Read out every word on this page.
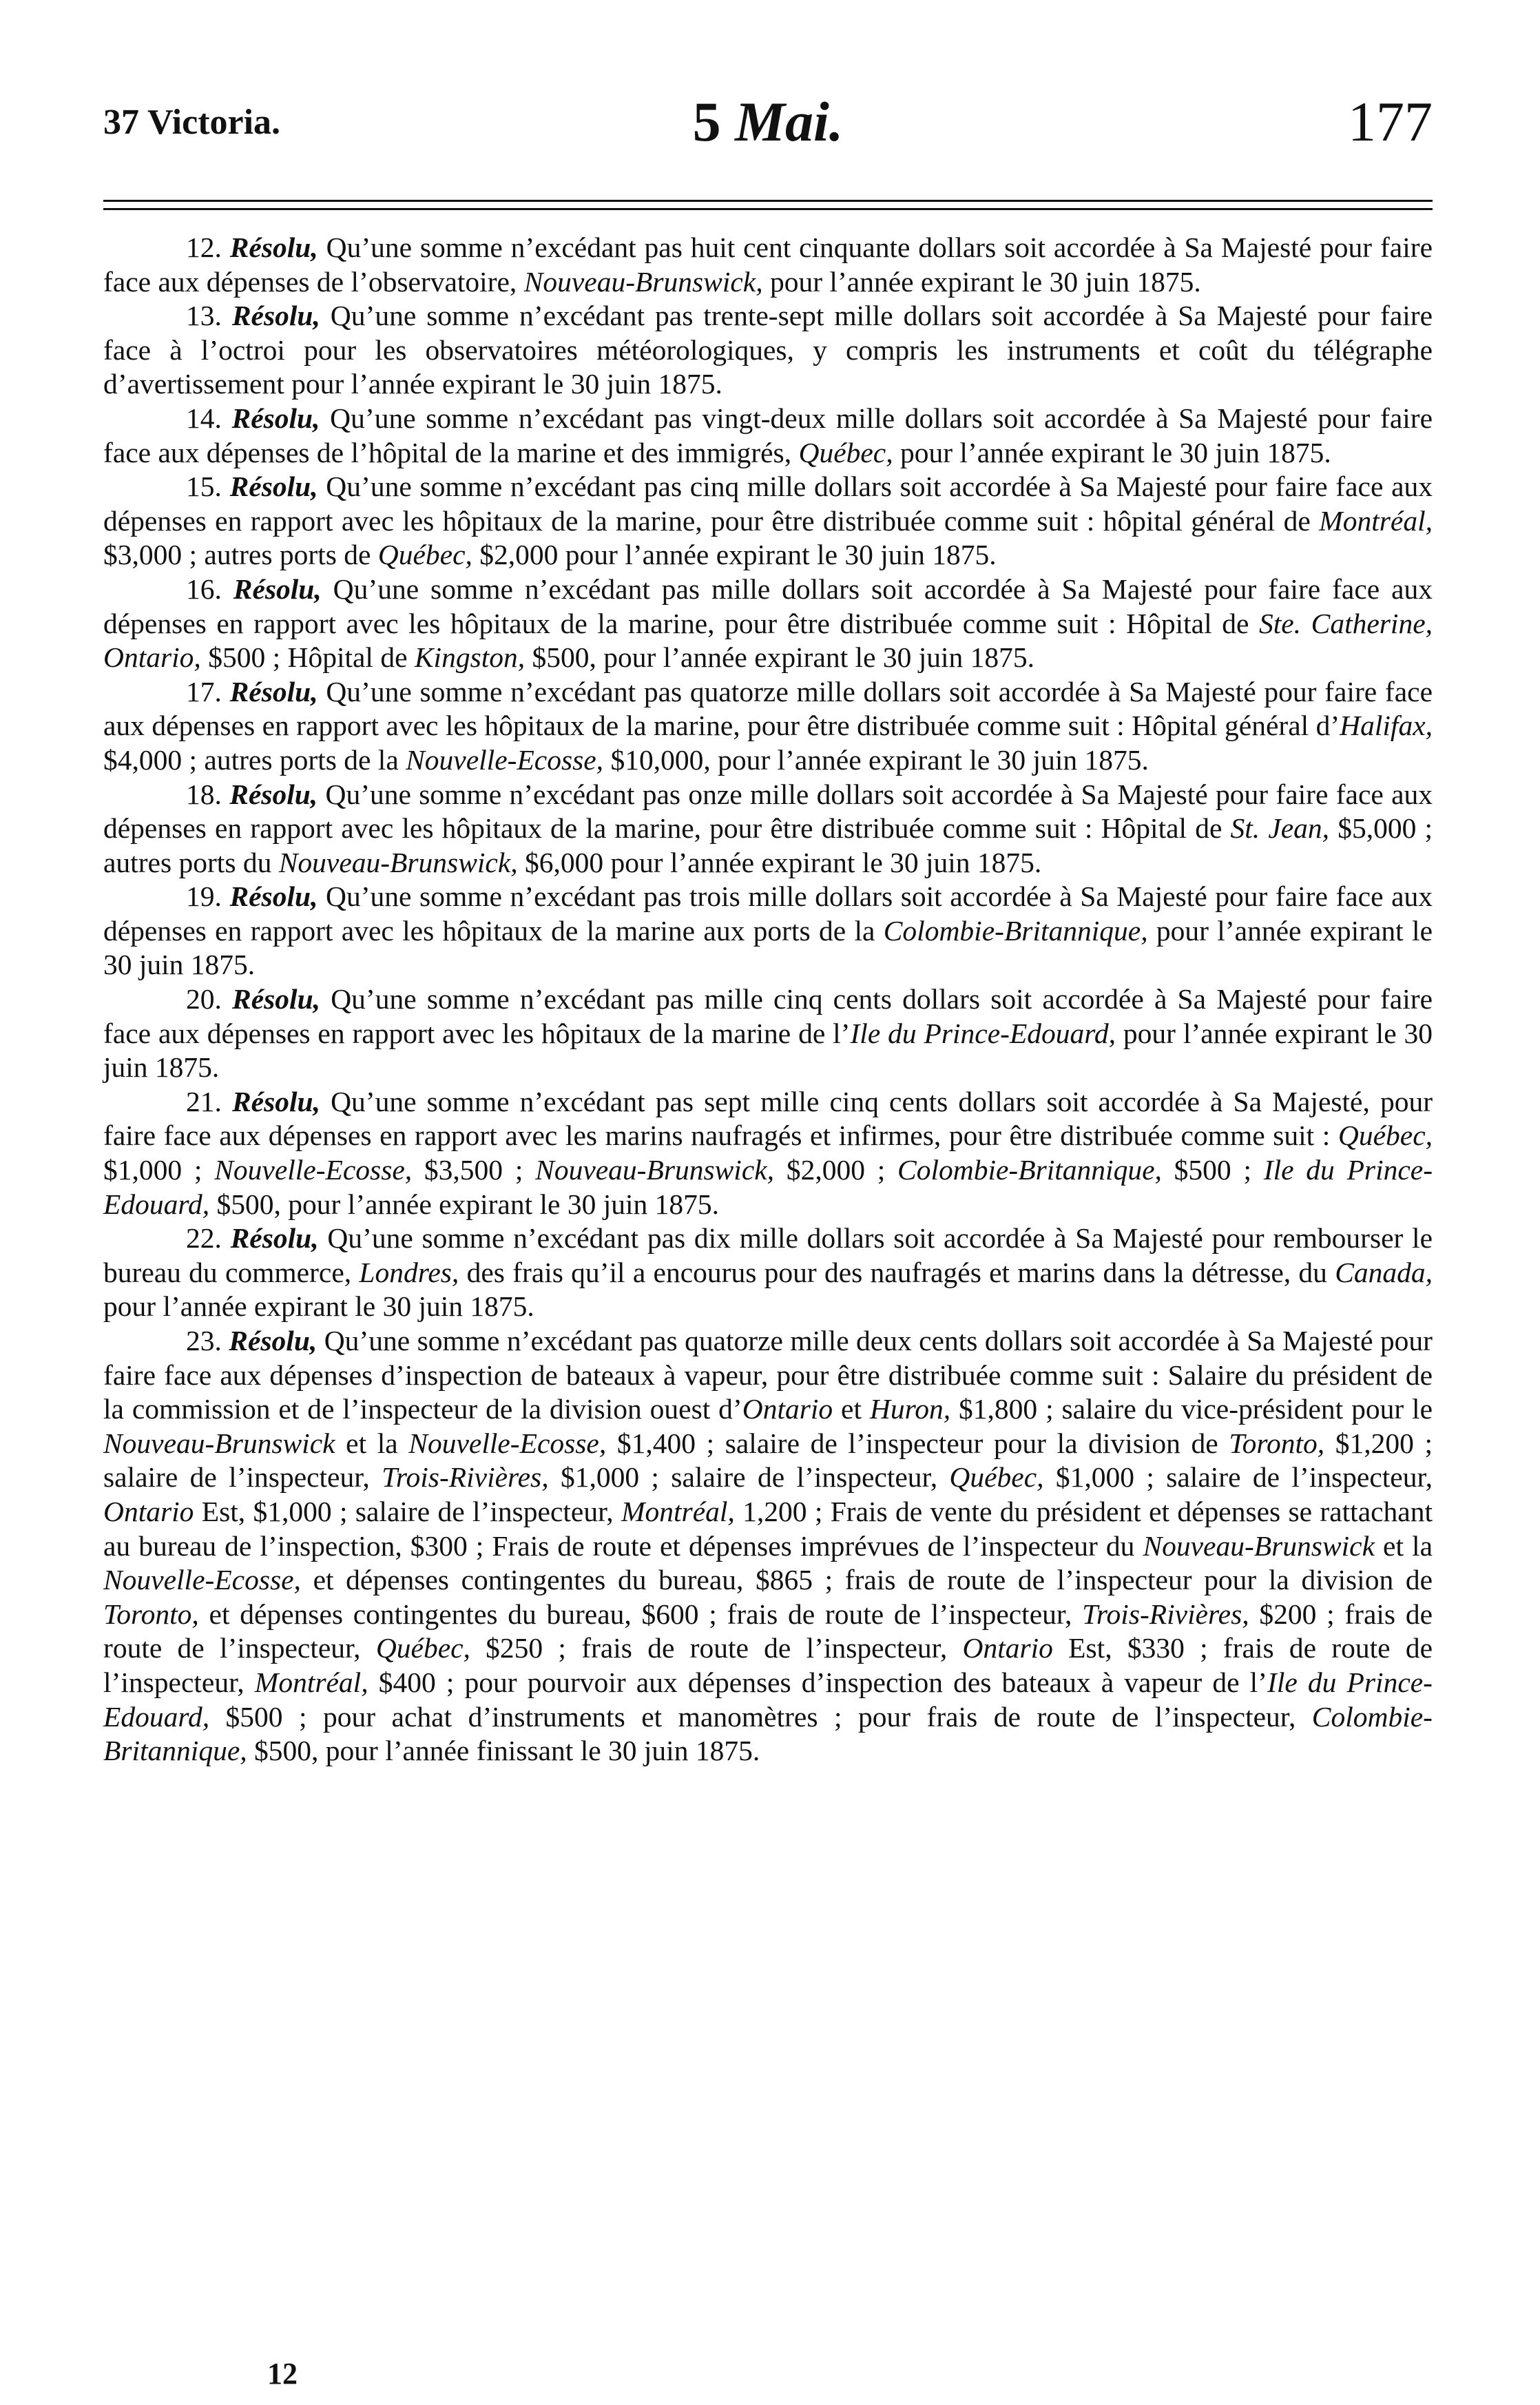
37 Victoria.	5 Mai.	177

12. Résolu, Qu’une somme n’excédant pas huit cent cinquante dollars soit accordée à Sa Majesté pour faire face aux dépenses de l’observatoire, Nouveau-Brunswick, pour l’année expirant le 30 juin 1875.

13. Résolu, Qu’une somme n’excédant pas trente-sept mille dollars soit accordée à Sa Majesté pour faire face à l’octroi pour les observatoires météorologiques, y compris les instruments et coût du télégraphe d’avertissement pour l’année expirant le 30 juin 1875.

14. Résolu, Qu’une somme n’excédant pas vingt-deux mille dollars soit accordée à Sa Majesté pour faire face aux dépenses de l’hôpital de la marine et des immigrés, Québec, pour l’année expirant le 30 juin 1875.

15. Résolu, Qu’une somme n’excédant pas cinq mille dollars soit accordée à Sa Majesté pour faire face aux dépenses en rapport avec les hôpitaux de la marine, pour être distribuée comme suit : hôpital général de Montréal, $3,000 ; autres ports de Québec, $2,000 pour l’année expirant le 30 juin 1875.

16. Résolu, Qu’une somme n’excédant pas mille dollars soit accordée à Sa Majesté pour faire face aux dépenses en rapport avec les hôpitaux de la marine, pour être distribuée comme suit : Hôpital de Ste. Catherine, Ontario, $500 ; Hôpital de Kingston, $500, pour l’année expirant le 30 juin 1875.

17. Résolu, Qu’une somme n’excédant pas quatorze mille dollars soit accordée à Sa Majesté pour faire face aux dépenses en rapport avec les hôpitaux de la marine, pour être distribuée comme suit : Hôpital général d’Halifax, $4,000 ; autres ports de la Nouvelle-Ecosse, $10,000, pour l’année expirant le 30 juin 1875.

18. Résolu, Qu’une somme n’excédant pas onze mille dollars soit accordée à Sa Majesté pour faire face aux dépenses en rapport avec les hôpitaux de la marine, pour être distribuée comme suit : Hôpital de St. Jean, $5,000 ; autres ports du Nouveau-Brunswick, $6,000 pour l’année expirant le 30 juin 1875.

19. Résolu, Qu’une somme n’excédant pas trois mille dollars soit accordée à Sa Majesté pour faire face aux dépenses en rapport avec les hôpitaux de la marine aux ports de la Colombie-Britannique, pour l’année expirant le 30 juin 1875.

20. Résolu, Qu’une somme n’excédant pas mille cinq cents dollars soit accordée à Sa Majesté pour faire face aux dépenses en rapport avec les hôpitaux de la marine de l’Ile du Prince-Edouard, pour l’année expirant le 30 juin 1875.

21. Résolu, Qu’une somme n’excédant pas sept mille cinq cents dollars soit accordée à Sa Majesté, pour faire face aux dépenses en rapport avec les marins naufragés et infirmes, pour être distribuée comme suit : Québec, $1,000 ; Nouvelle-Ecosse, $3,500 ; Nouveau-Brunswick, $2,000 ; Colombie-Britannique, $500 ; Ile du Prince-Edouard, $500, pour l’année expirant le 30 juin 1875.

22. Résolu, Qu’une somme n’excédant pas dix mille dollars soit accordée à Sa Majesté pour rembourser le bureau du commerce, Londres, des frais qu’il a encourus pour des naufragés et marins dans la détresse, du Canada, pour l’année expirant le 30 juin 1875.

23. Résolu, Qu’une somme n’excédant pas quatorze mille deux cents dollars soit accordée à Sa Majesté pour faire face aux dépenses d’inspection de bateaux à vapeur, pour être distribuée comme suit : Salaire du président de la commission et de l’inspecteur de la division ouest d’Ontario et Huron, $1,800 ; salaire du vice-président pour le Nouveau-Brunswick et la Nouvelle-Ecosse, $1,400 ; salaire de l’inspecteur pour la division de Toronto, $1,200 ; salaire de l’inspecteur, Trois-Rivières, $1,000 ; salaire de l’inspecteur, Québec, $1,000 ; salaire de l’inspecteur, Ontario Est, $1,000 ; salaire de l’inspecteur, Montréal, 1,200 ; Frais de vente du président et dépenses se rattachant au bureau de l’inspection, $300 ; Frais de route et dépenses imprévues de l’inspecteur du Nouveau-Brunswick et la Nouvelle-Ecosse, et dépenses contingentes du bureau, $865 ; frais de route de l’inspecteur pour la division de Toronto, et dépenses contingentes du bureau, $600 ; frais de route de l’inspecteur, Trois-Rivières, $200 ; frais de route de l’inspecteur, Québec, $250 ; frais de route de l’inspecteur, Ontario Est, $330 ; frais de route de l’inspecteur, Montréal, $400 ; pour pourvoir aux dépenses d’inspection des bateaux à vapeur de l’Ile du Prince-Edouard, $500 ; pour achat d’instruments et manomètres ; pour frais de route de l’inspecteur, Colombie-Britannique, $500, pour l’année finissant le 30 juin 1875.

12
